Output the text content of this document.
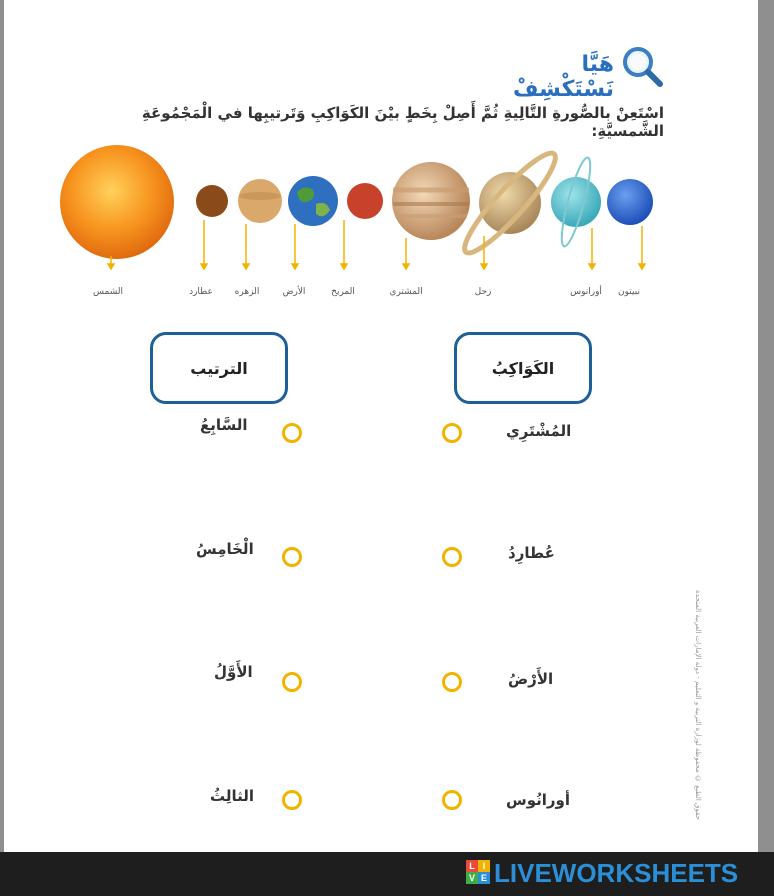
هَيَّا نَسْتَكْشِفْ
اسْتَعِنْ بالصُّورةِ التَّالِيةِ ثُمَّ أَصِلْ بِخَطٍ بيْنَ الكَوَاكِبِ وَتَرتيبِها في الْمَجْمُوعَةِ الشَّمسيَّةِ:
الشمس	عطارد الزهره	الأرض	المريخ	المشتري	زحل	أورانوس نبيتون
الترتيب	الكَوَاكِبُ
السَّابِعُ	المُشْتَرِي
الْخَامِسُ	عُطارِدُ
الأَوَّلُ	الأَرْضُ
الثالِثُ	أورانُوس	حقوق الطبع © محفوظة لوزارة التربية و التعليم - دولة الإمارات العربية المتحدة
L I
V E LIVEWORKSHEETS
